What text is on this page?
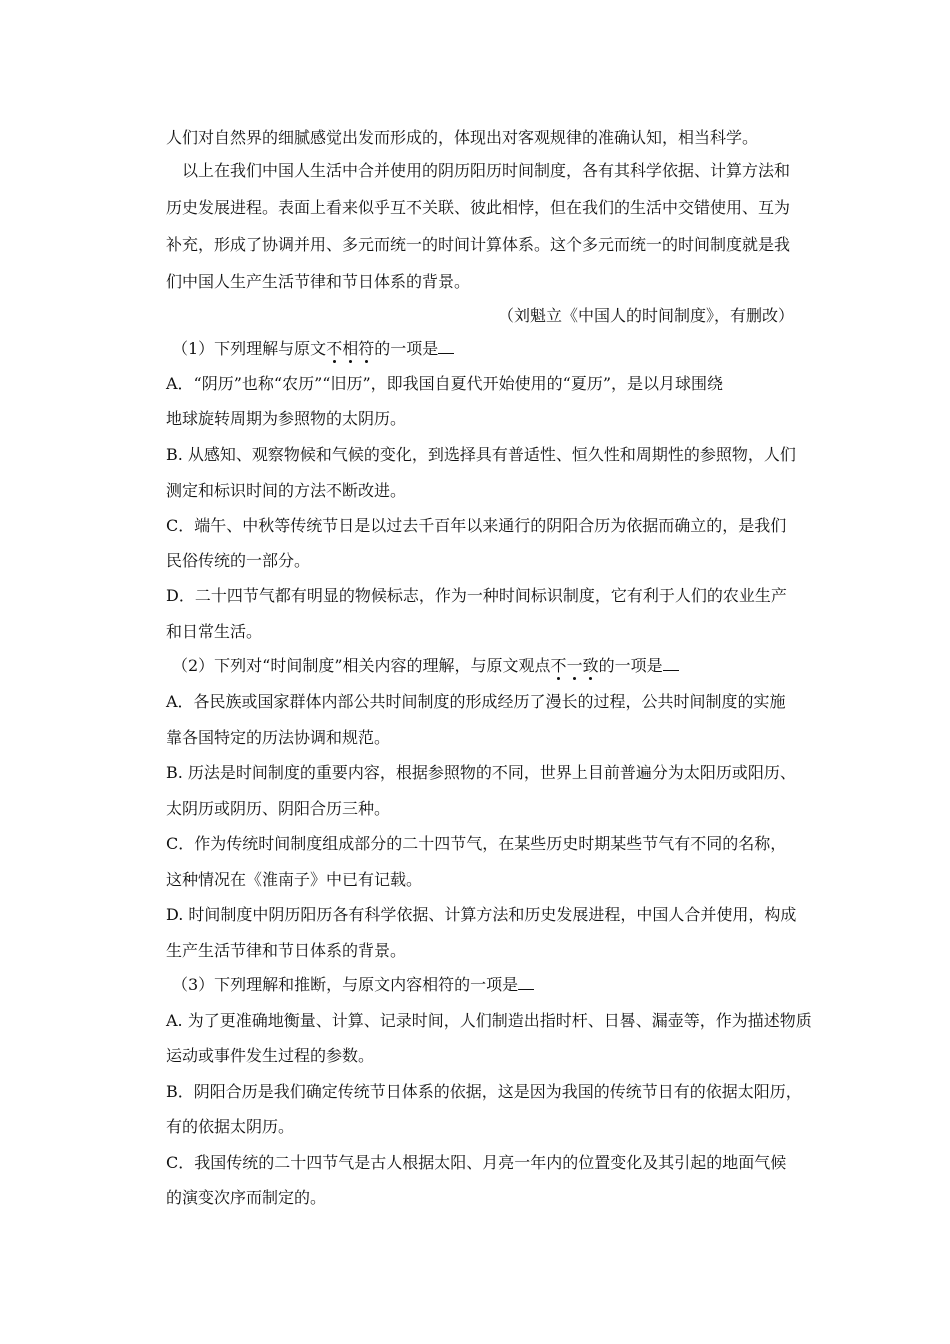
人们对自然界的细腻感觉出发而形成的，体现出对客观规律的准确认知，相当科学。
以上在我们中国人生活中合并使用的阴历阳历时间制度，各有其科学依据、计算方法和
历史发展进程。表面上看来似乎互不关联、彼此相悖，但在我们的生活中交错使用、互为
补充，形成了协调并用、多元而统一的时间计算体系。这个多元而统一的时间制度就是我
们中国人生产生活节律和节日体系的背景。
（刘魁立《中国人的时间制度》，有删改）
（1）下列理解与原文不相符的一项是
A．“阴历”也称“农历”“旧历”，即我国自夏代开始使用的“夏历”，是以月球围绕
地球旋转周期为参照物的太阴历。
B. 从感知、观察物候和气候的变化，到选择具有普适性、恒久性和周期性的参照物，人们
测定和标识时间的方法不断改进。
C．端午、中秋等传统节日是以过去千百年以来通行的阴阳合历为依据而确立的，是我们
民俗传统的一部分。
D．二十四节气都有明显的物候标志，作为一种时间标识制度，它有利于人们的农业生产
和日常生活。
（2）下列对“时间制度”相关内容的理解，与原文观点不一致的一项是
A．各民族或国家群体内部公共时间制度的形成经历了漫长的过程，公共时间制度的实施
靠各国特定的历法协调和规范。
B. 历法是时间制度的重要内容，根据参照物的不同，世界上目前普遍分为太阳历或阳历、
太阴历或阴历、阴阳合历三种。
C．作为传统时间制度组成部分的二十四节气，在某些历史时期某些节气有不同的名称，
这种情况在《淮南子》中已有记载。
D. 时间制度中阴历阳历各有科学依据、计算方法和历史发展进程，中国人合并使用，构成
生产生活节律和节日体系的背景。
（3）下列理解和推断，与原文内容相符的一项是
A. 为了更准确地衡量、计算、记录时间，人们制造出指时杆、日晷、漏壶等，作为描述物质
运动或事件发生过程的参数。
B．阴阳合历是我们确定传统节日体系的依据，这是因为我国的传统节日有的依据太阳历，
有的依据太阴历。
C．我国传统的二十四节气是古人根据太阳、月亮一年内的位置变化及其引起的地面气候
的演变次序而制定的。
